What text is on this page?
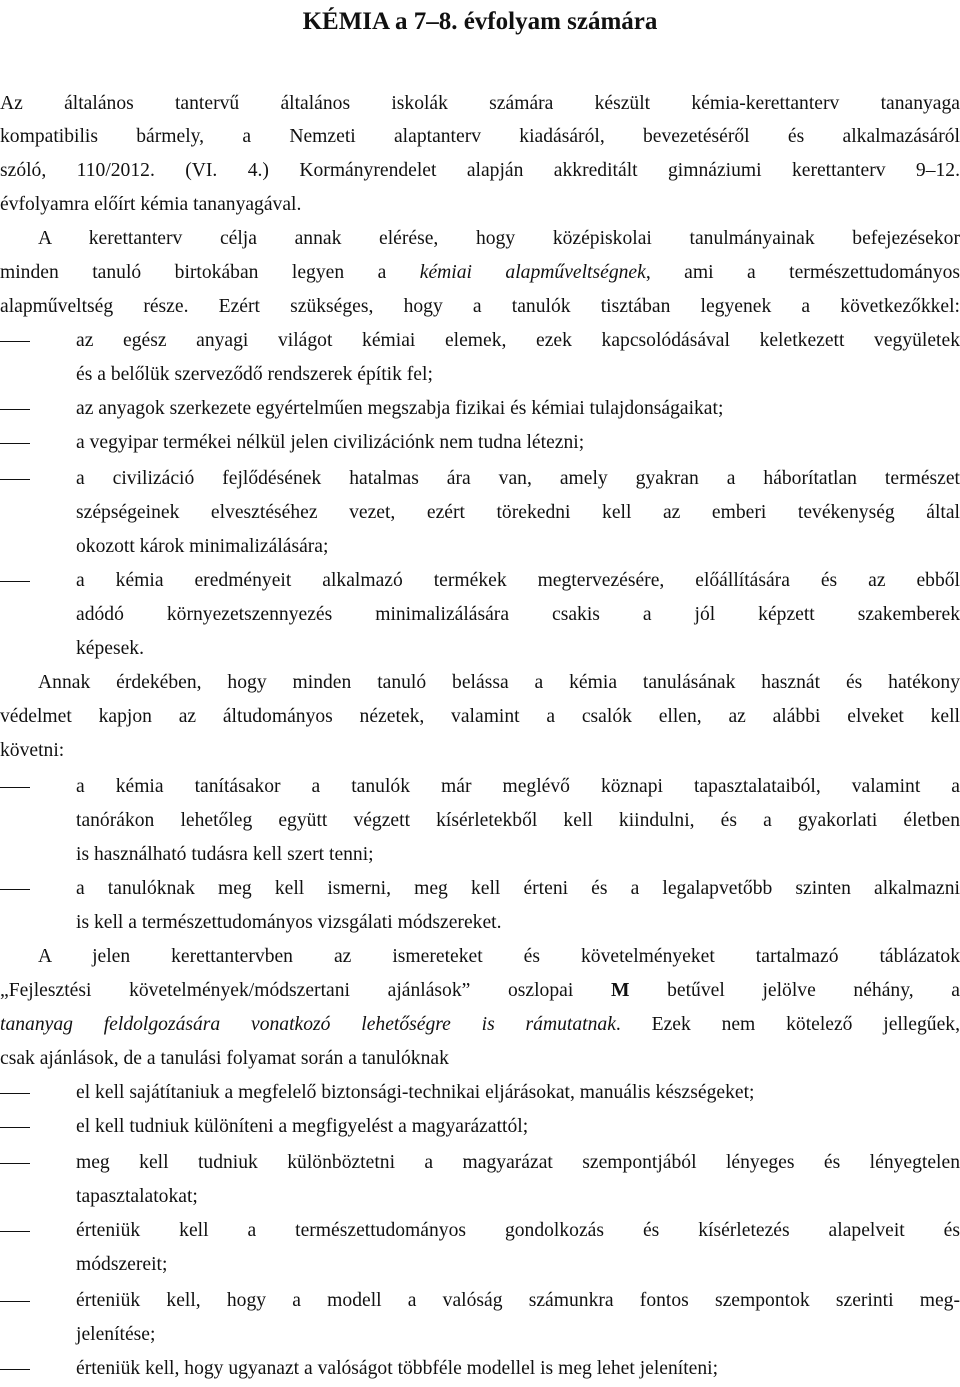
KÉMIA a 7–8. évfolyam számára
Az általános tantervű általános iskolák számára készült kémia-kerettanterv tananyaga
kompatibilis bármely, a Nemzeti alaptanterv kiadásáról, bevezetéséről és alkalmazásáról
szóló, 110/2012. (VI. 4.) Kormányrendelet alapján akkreditált gimnáziumi kerettanterv 9–12.
évfolyamra előírt kémia tananyagával.
A kerettanterv célja annak elérése, hogy középiskolai tanulmányainak befejezésekor
minden tanuló birtokában legyen a kémiai alapműveltségnek, ami a természettudományos
alapműveltség része. Ezért szükséges, hogy a tanulók tisztában legyenek a következőkkel:
az egész anyagi világot kémiai elemek, ezek kapcsolódásával keletkezett vegyületek
és a belőlük szerveződő rendszerek építik fel;
az anyagok szerkezete egyértelműen megszabja fizikai és kémiai tulajdonságaikat;
a vegyipar termékei nélkül jelen civilizációnk nem tudna létezni;
a civilizáció fejlődésének hatalmas ára van, amely gyakran a háborítatlan természet
szépségeinek elvesztéséhez vezet, ezért törekedni kell az emberi tevékenység által
okozott károk minimalizálására;
a kémia eredményeit alkalmazó termékek megtervezésére, előállítására és az ebből
adódó környezetszennyezés minimalizálására csakis a jól képzett szakemberek
képesek.
Annak érdekében, hogy minden tanuló belássa a kémia tanulásának hasznát és hatékony
védelmet kapjon az áltudományos nézetek, valamint a csalók ellen, az alábbi elveket kell
követni:
a kémia tanításakor a tanulók már meglévő köznapi tapasztalataiból, valamint a
tanórákon lehetőleg együtt végzett kísérletekből kell kiindulni, és a gyakorlati életben
is használható tudásra kell szert tenni;
a tanulóknak meg kell ismerni, meg kell érteni és a legalapvetőbb szinten alkalmazni
is kell a természettudományos vizsgálati módszereket.
A jelen kerettantervben az ismereteket és követelményeket tartalmazó táblázatok
„Fejlesztési követelmények/módszertani ajánlások” oszlopai M betűvel jelölve néhány, a
tananyag feldolgozására vonatkozó lehetőségre is rámutatnak. Ezek nem kötelező jellegűek,
csak ajánlások, de a tanulási folyamat során a tanulóknak
el kell sajátítaniuk a megfelelő biztonsági-technikai eljárásokat, manuális készségeket;
el kell tudniuk különíteni a megfigyelést a magyarázattól;
meg kell tudniuk különböztetni a magyarázat szempontjából lényeges és lényegtelen
tapasztalatokat;
érteniük kell a természettudományos gondolkozás és kísérletezés alapelveit és
módszereit;
érteniük kell, hogy a modell a valóság számunkra fontos szempontok szerinti meg-
jelenítése;
érteniük kell, hogy ugyanazt a valóságot többféle modellel is meg lehet jeleníteni;
